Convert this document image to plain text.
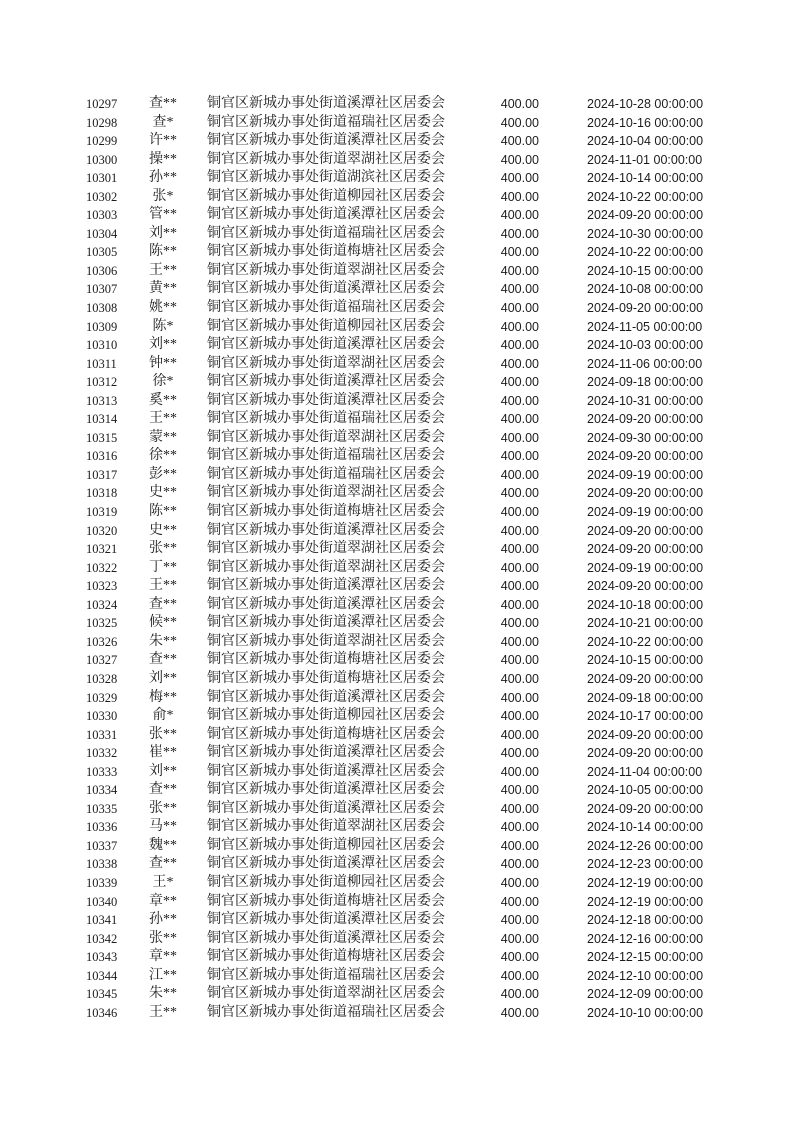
10297	查**	铜官区新城办事处街道溪潭社区居委会	400.00	2024-10-28 00:00:00
10298	查*	铜官区新城办事处街道福瑞社区居委会	400.00	2024-10-16 00:00:00
10299	许**	铜官区新城办事处街道溪潭社区居委会	400.00	2024-10-04 00:00:00
10300	操**	铜官区新城办事处街道翠湖社区居委会	400.00	2024-11-01 00:00:00
10301	孙**	铜官区新城办事处街道湖滨社区居委会	400.00	2024-10-14 00:00:00
10302	张*	铜官区新城办事处街道柳园社区居委会	400.00	2024-10-22 00:00:00
10303	管**	铜官区新城办事处街道溪潭社区居委会	400.00	2024-09-20 00:00:00
10304	刘**	铜官区新城办事处街道福瑞社区居委会	400.00	2024-10-30 00:00:00
10305	陈**	铜官区新城办事处街道梅塘社区居委会	400.00	2024-10-22 00:00:00
10306	王**	铜官区新城办事处街道翠湖社区居委会	400.00	2024-10-15 00:00:00
10307	黄**	铜官区新城办事处街道溪潭社区居委会	400.00	2024-10-08 00:00:00
10308	姚**	铜官区新城办事处街道福瑞社区居委会	400.00	2024-09-20 00:00:00
10309	陈*	铜官区新城办事处街道柳园社区居委会	400.00	2024-11-05 00:00:00
10310	刘**	铜官区新城办事处街道溪潭社区居委会	400.00	2024-10-03 00:00:00
10311	钟**	铜官区新城办事处街道翠湖社区居委会	400.00	2024-11-06 00:00:00
10312	徐*	铜官区新城办事处街道溪潭社区居委会	400.00	2024-09-18 00:00:00
10313	奚**	铜官区新城办事处街道溪潭社区居委会	400.00	2024-10-31 00:00:00
10314	王**	铜官区新城办事处街道福瑞社区居委会	400.00	2024-09-20 00:00:00
10315	蒙**	铜官区新城办事处街道翠湖社区居委会	400.00	2024-09-30 00:00:00
10316	徐**	铜官区新城办事处街道福瑞社区居委会	400.00	2024-09-20 00:00:00
10317	彭**	铜官区新城办事处街道福瑞社区居委会	400.00	2024-09-19 00:00:00
10318	史**	铜官区新城办事处街道翠湖社区居委会	400.00	2024-09-20 00:00:00
10319	陈**	铜官区新城办事处街道梅塘社区居委会	400.00	2024-09-19 00:00:00
10320	史**	铜官区新城办事处街道溪潭社区居委会	400.00	2024-09-20 00:00:00
10321	张**	铜官区新城办事处街道翠湖社区居委会	400.00	2024-09-20 00:00:00
10322	丁**	铜官区新城办事处街道翠湖社区居委会	400.00	2024-09-19 00:00:00
10323	王**	铜官区新城办事处街道溪潭社区居委会	400.00	2024-09-20 00:00:00
10324	查**	铜官区新城办事处街道溪潭社区居委会	400.00	2024-10-18 00:00:00
10325	候**	铜官区新城办事处街道溪潭社区居委会	400.00	2024-10-21 00:00:00
10326	朱**	铜官区新城办事处街道翠湖社区居委会	400.00	2024-10-22 00:00:00
10327	查**	铜官区新城办事处街道梅塘社区居委会	400.00	2024-10-15 00:00:00
10328	刘**	铜官区新城办事处街道梅塘社区居委会	400.00	2024-09-20 00:00:00
10329	梅**	铜官区新城办事处街道溪潭社区居委会	400.00	2024-09-18 00:00:00
10330	俞*	铜官区新城办事处街道柳园社区居委会	400.00	2024-10-17 00:00:00
10331	张**	铜官区新城办事处街道梅塘社区居委会	400.00	2024-09-20 00:00:00
10332	崔**	铜官区新城办事处街道溪潭社区居委会	400.00	2024-09-20 00:00:00
10333	刘**	铜官区新城办事处街道溪潭社区居委会	400.00	2024-11-04 00:00:00
10334	查**	铜官区新城办事处街道溪潭社区居委会	400.00	2024-10-05 00:00:00
10335	张**	铜官区新城办事处街道溪潭社区居委会	400.00	2024-09-20 00:00:00
10336	马**	铜官区新城办事处街道翠湖社区居委会	400.00	2024-10-14 00:00:00
10337	魏**	铜官区新城办事处街道柳园社区居委会	400.00	2024-12-26 00:00:00
10338	查**	铜官区新城办事处街道溪潭社区居委会	400.00	2024-12-23 00:00:00
10339	王*	铜官区新城办事处街道柳园社区居委会	400.00	2024-12-19 00:00:00
10340	章**	铜官区新城办事处街道梅塘社区居委会	400.00	2024-12-19 00:00:00
10341	孙**	铜官区新城办事处街道溪潭社区居委会	400.00	2024-12-18 00:00:00
10342	张**	铜官区新城办事处街道溪潭社区居委会	400.00	2024-12-16 00:00:00
10343	章**	铜官区新城办事处街道梅塘社区居委会	400.00	2024-12-15 00:00:00
10344	江**	铜官区新城办事处街道福瑞社区居委会	400.00	2024-12-10 00:00:00
10345	朱**	铜官区新城办事处街道翠湖社区居委会	400.00	2024-12-09 00:00:00
10346	王**	铜官区新城办事处街道福瑞社区居委会	400.00	2024-10-10 00:00:00
